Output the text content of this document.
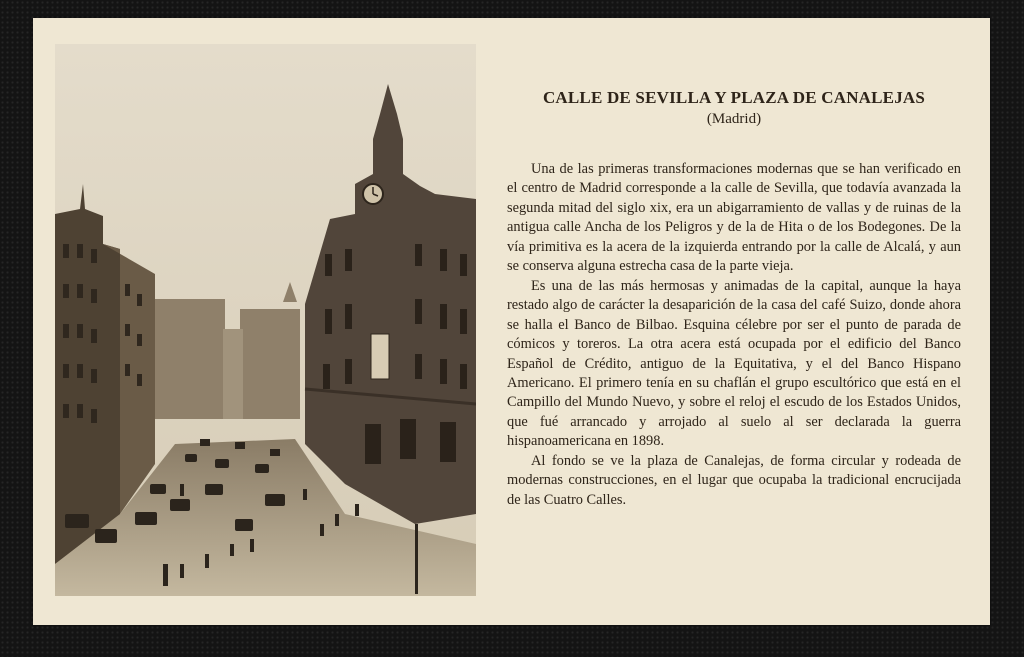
CALLE DE SEVILLA Y PLAZA DE CANALEJAS

(Madrid)

Una de las primeras transformaciones modernas que se han verificado en el centro de Madrid corresponde a la calle de Sevilla, que todavía avanzada la segunda mitad del siglo xix, era un abigarramiento de vallas y de ruinas de la antigua calle Ancha de los Peligros y de la de Hita o de los Bodegones. De la vía primitiva es la acera de la izquierda entrando por la calle de Alcalá, y aun se conserva alguna estrecha casa de la parte vieja.

Es una de las más hermosas y animadas de la capital, aunque la haya restado algo de carácter la desaparición de la casa del café Suizo, donde ahora se halla el Banco de Bilbao. Esquina célebre por ser el punto de parada de cómicos y toreros. La otra acera está ocupada por el edificio del Banco Español de Crédito, antiguo de la Equitativa, y el del Banco Hispano Americano. El primero tenía en su chaflán el grupo escultórico que está en el Campillo del Mundo Nuevo, y sobre el reloj el escudo de los Estados Unidos, que fué arrancado y arrojado al suelo al ser declarada la guerra hispanoamericana en 1898.

Al fondo se ve la plaza de Canalejas, de forma circular y rodeada de modernas construcciones, en el lugar que ocupaba la tradicional encrucijada de las Cuatro Calles.
